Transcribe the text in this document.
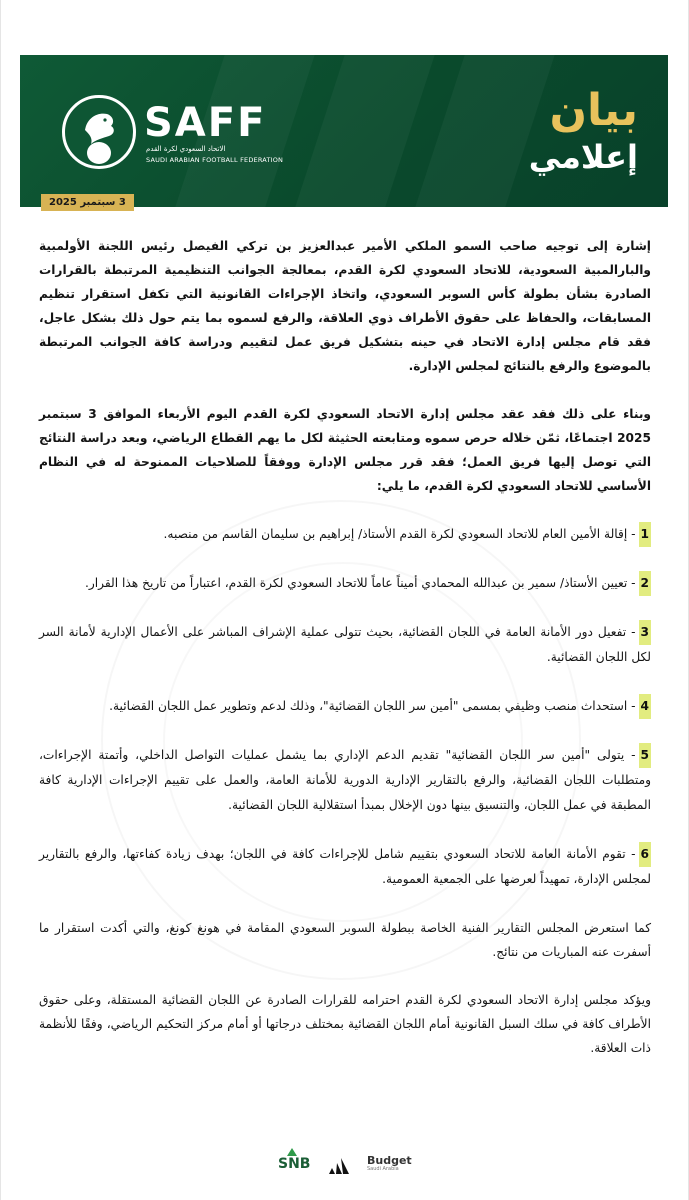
SAFF
الاتحاد السعودي لكرة القدم
SAUDI ARABIAN FOOTBALL FEDERATION
بيان
إعلامي
3 سبتمبر 2025

إشارة إلى توجيه صاحب السمو الملكي الأمير عبدالعزيز بن تركي الفيصل رئيس اللجنة الأولمبية والبارالمبية السعودية، للاتحاد السعودي لكرة القدم، بمعالجة الجوانب التنظيمية المرتبطة بالقرارات الصادرة بشأن بطولة كأس السوبر السعودي، واتخاذ الإجراءات القانونية التي تكفل استقرار تنظيم المسابقات، والحفاظ على حقوق الأطراف ذوي العلاقة، والرفع لسموه بما يتم حول ذلك بشكل عاجل، فقد قام مجلس إدارة الاتحاد في حينه بتشكيل فريق عمل لتقييم ودراسة كافة الجوانب المرتبطة بالموضوع والرفع بالنتائج لمجلس الإدارة.

وبناء على ذلك فقد عقد مجلس إدارة الاتحاد السعودي لكرة القدم اليوم الأربعاء الموافق 3 سبتمبر 2025 اجتماعًا، ثمّن خلاله حرص سموه ومتابعته الحثيثة لكل ما يهم القطاع الرياضي، وبعد دراسة النتائج التي توصل إليها فريق العمل؛ فقد قرر مجلس الإدارة ووفقاً للصلاحيات الممنوحة له في النظام الأساسي للاتحاد السعودي لكرة القدم، ما يلي:

1- إقالة الأمين العام للاتحاد السعودي لكرة القدم الأستاذ/ إبراهيم بن سليمان القاسم من منصبه.

2- تعيين الأستاذ/ سمير بن عبدالله المحمادي أميناً عاماً للاتحاد السعودي لكرة القدم، اعتباراً من تاريخ هذا القرار.

3- تفعيل دور الأمانة العامة في اللجان القضائية، بحيث تتولى عملية الإشراف المباشر على الأعمال الإدارية لأمانة السر لكل اللجان القضائية.

4- استحداث منصب وظيفي بمسمى "أمين سر اللجان القضائية"، وذلك لدعم وتطوير عمل اللجان القضائية.

5- يتولى "أمين سر اللجان القضائية" تقديم الدعم الإداري بما يشمل عمليات التواصل الداخلي، وأتمتة الإجراءات، ومتطلبات اللجان القضائية، والرفع بالتقارير الإدارية الدورية للأمانة العامة، والعمل على تقييم الإجراءات الإدارية كافة المطبقة في عمل اللجان، والتنسيق بينها دون الإخلال بمبدأ استقلالية اللجان القضائية.

6- تقوم الأمانة العامة للاتحاد السعودي بتقييم شامل للإجراءات كافة في اللجان؛ بهدف زيادة كفاءتها، والرفع بالتقارير لمجلس الإدارة، تمهيداً لعرضها على الجمعية العمومية.

كما استعرض المجلس التقارير الفنية الخاصة ببطولة السوبر السعودي المقامة في هونغ كونغ، والتي أكدت استقرار ما أسفرت عنه المباريات من نتائج.

ويؤكد مجلس إدارة الاتحاد السعودي لكرة القدم احترامه للقرارات الصادرة عن اللجان القضائية المستقلة، وعلى حقوق الأطراف كافة في سلك السبل القانونية أمام اللجان القضائية بمختلف درجاتها أو أمام مركز التحكيم الرياضي، وفقًا للأنظمة ذات العلاقة.

SNB	Budget
Saudi Arabia
